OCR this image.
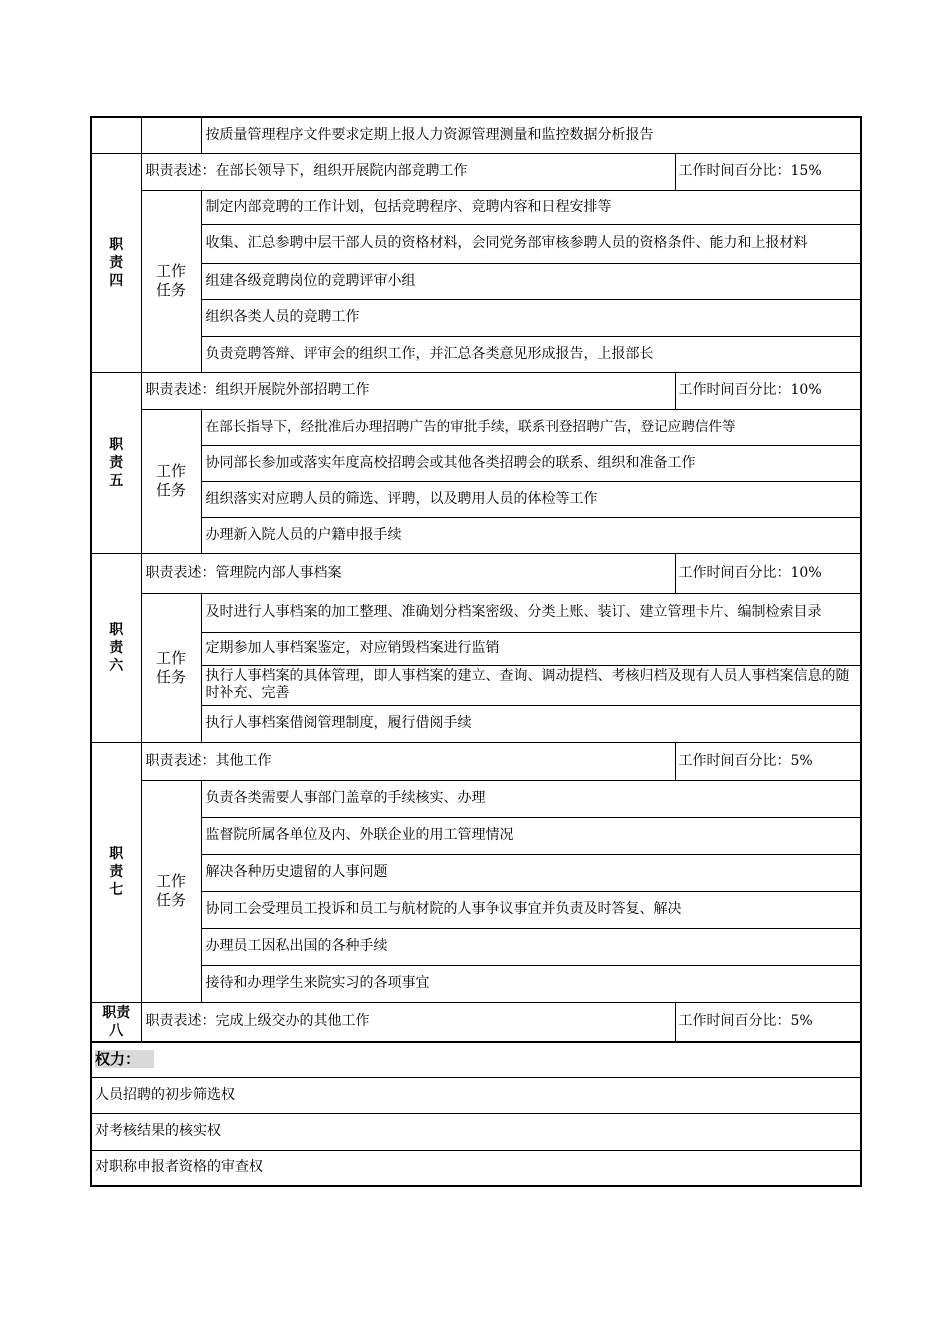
		按质量管理程序文件要求定期上报人力资源管理测量和监控数据分析报告	
职责四	职责表述：在部长领导下，组织开展院内部竞聘工作		工作时间百分比：15%
	工作任务	制定内部竞聘的工作计划，包括竞聘程序、竞聘内容和日程安排等	
		收集、汇总参聘中层干部人员的资格材料，会同党务部审核参聘人员的资格条件、能力和上报材料	
		组建各级竞聘岗位的竞聘评审小组	
		组织各类人员的竞聘工作	
		负责竞聘答辩、评审会的组织工作，并汇总各类意见形成报告，上报部长	
职责五	职责表述：组织开展院外部招聘工作		工作时间百分比：10%
	工作任务	在部长指导下，经批准后办理招聘广告的审批手续，联系刊登招聘广告，登记应聘信件等	
		协同部长参加或落实年度高校招聘会或其他各类招聘会的联系、组织和准备工作	
		组织落实对应聘人员的筛选、评聘，以及聘用人员的体检等工作	
		办理新入院人员的户籍申报手续	
职责六	职责表述：管理院内部人事档案		工作时间百分比：10%
	工作任务	及时进行人事档案的加工整理、准确划分档案密级、分类上账、装订、建立管理卡片、编制检索目录	
		定期参加人事档案鉴定，对应销毁档案进行监销	
		执行人事档案的具体管理，即人事档案的建立、查询、调动提档、考核归档及现有人员人事档案信息的随时补充、完善	
		执行人事档案借阅管理制度，履行借阅手续	
职责七	职责表述：其他工作		工作时间百分比：5%
	工作任务	负责各类需要人事部门盖章的手续核实、办理	
		监督院所属各单位及内、外联企业的用工管理情况	
		解决各种历史遗留的人事问题	
		协同工会受理员工投诉和员工与航材院的人事争议事宜并负责及时答复、解决	
		办理员工因私出国的各种手续	
		接待和办理学生来院实习的各项事宜	
职责八	职责表述：完成上级交办的其他工作		工作时间百分比：5%
权力：			
人员招聘的初步筛选权			
对考核结果的核实权			
对职称申报者资格的审查权			
